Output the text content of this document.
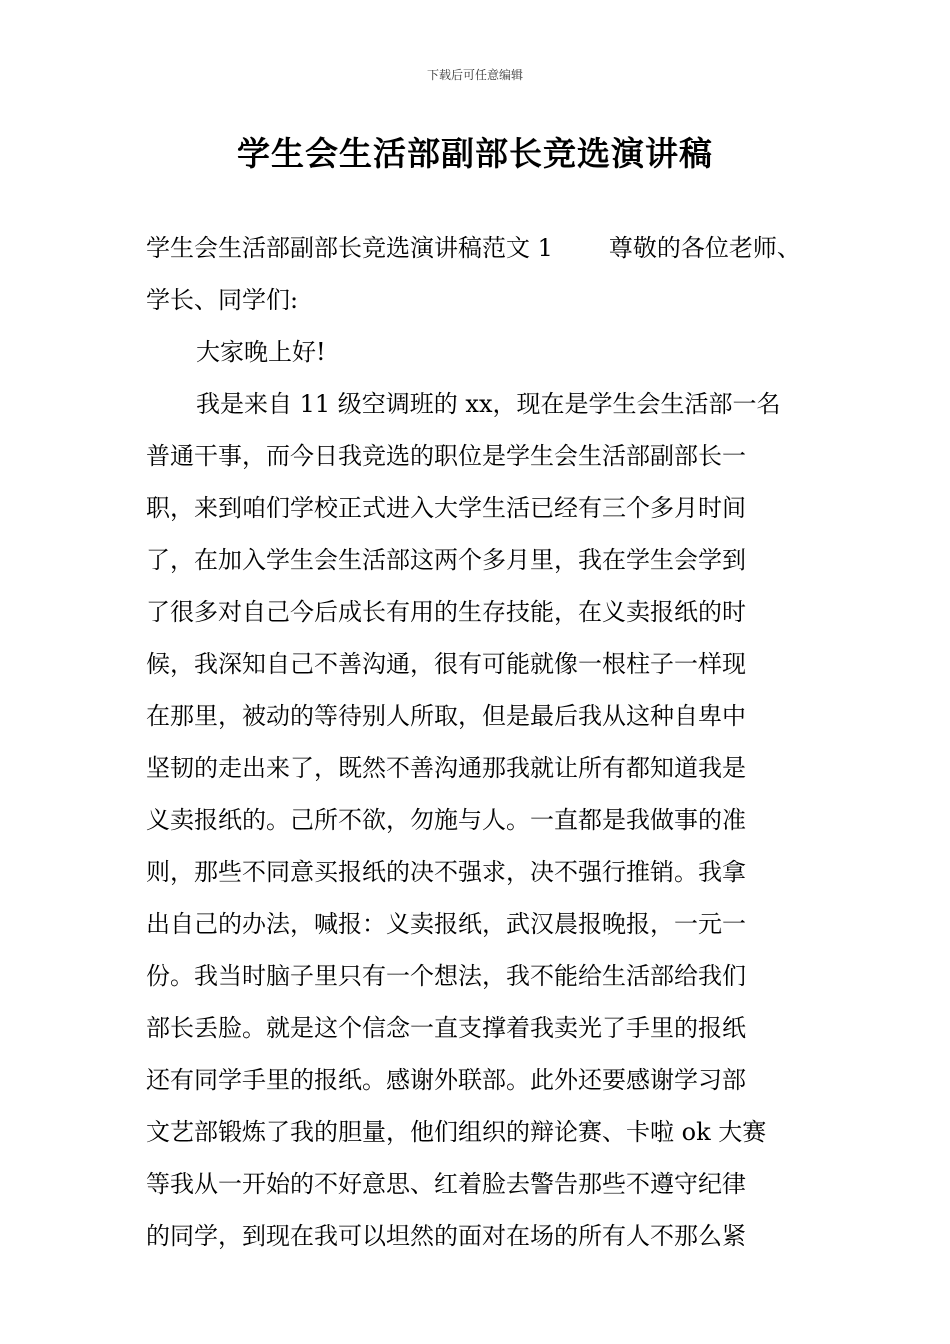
下载后可任意编辑
学生会生活部副部长竞选演讲稿
学生会生活部副部长竞选演讲稿范文 1 尊敬的各位老师、
学长、同学们:
大家晚上好!
我是来自 11 级空调班的 xx，现在是学生会生活部一名
普通干事，而今日我竞选的职位是学生会生活部副部长一
职，来到咱们学校正式进入大学生活已经有三个多月时间
了，在加入学生会生活部这两个多月里，我在学生会学到
了很多对自己今后成长有用的生存技能，在义卖报纸的时
候，我深知自己不善沟通，很有可能就像一根柱子一样现
在那里，被动的等待别人所取，但是最后我从这种自卑中
坚韧的走出来了，既然不善沟通那我就让所有都知道我是
义卖报纸的。己所不欲，勿施与人。一直都是我做事的准
则，那些不同意买报纸的决不强求，决不强行推销。我拿
出自己的办法，喊报：义卖报纸，武汉晨报晚报，一元一
份。我当时脑子里只有一个想法，我不能给生活部给我们
部长丢脸。就是这个信念一直支撑着我卖光了手里的报纸
还有同学手里的报纸。感谢外联部。此外还要感谢学习部
文艺部锻炼了我的胆量，他们组织的辩论赛、卡啦 ok 大赛
等我从一开始的不好意思、红着脸去警告那些不遵守纪律
的同学，到现在我可以坦然的面对在场的所有人不那么紧
